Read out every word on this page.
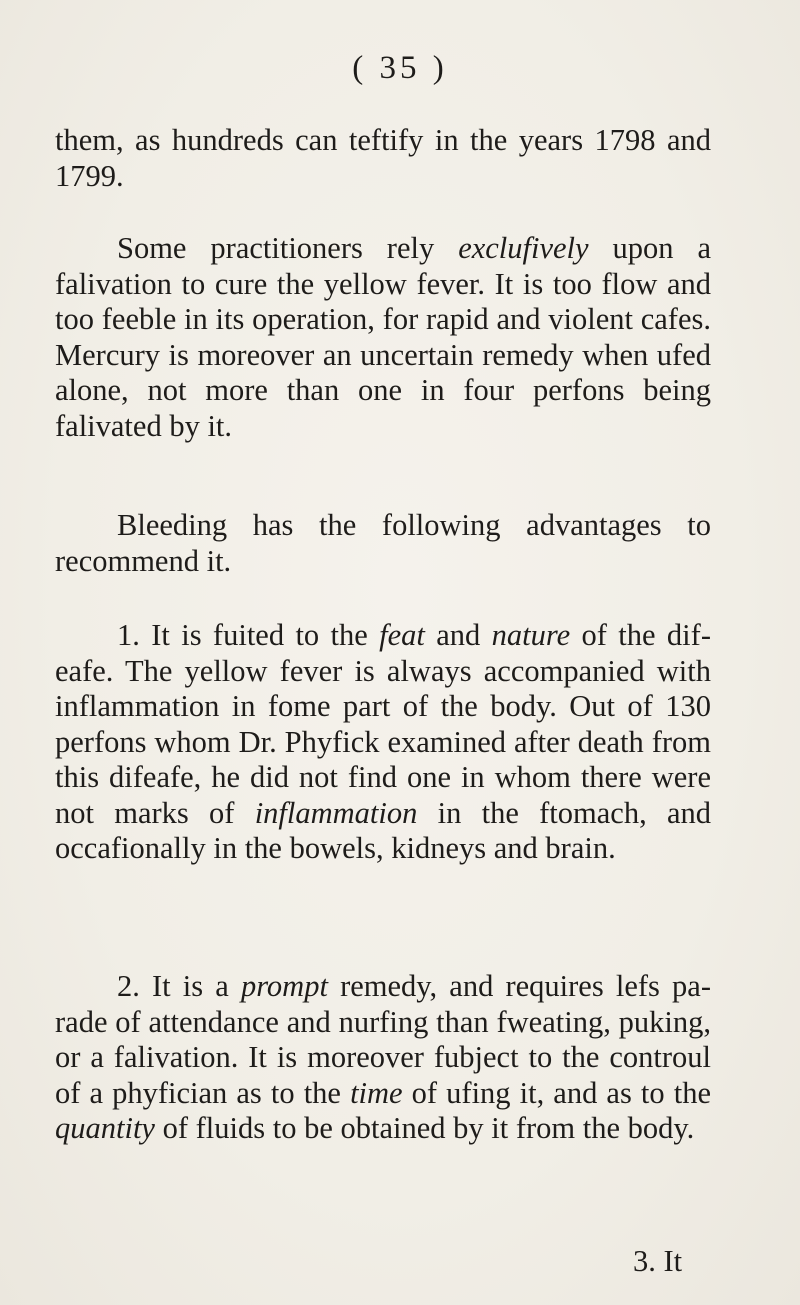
( 35 )

them, as hundreds can teftify in the years 1798 and 1799.

Some practitioners rely exclufively upon a falivation to cure the yellow fever. It is too flow and too feeble in its operation, for rapid and violent cafes. Mercury is moreover an uncertain remedy when ufed alone, not more than one in four perfons being falivated by it.

Bleeding has the following advantages to recommend it.

1. It is fuited to the feat and nature of the difeafe. The yellow fever is always accompanied with inflammation in fome part of the body. Out of 130 perfons whom Dr. Phyfick examined after death from this difeafe, he did not find one in whom there were not marks of inflammation in the ftomach, and occafionally in the bowels, kidneys and brain.

2. It is a prompt remedy, and requires lefs parade of attendance and nurfing than fweating, puking, or a falivation. It is moreover fubject to the controul of a phyfician as to the time of ufing it, and as to the quantity of fluids to be obtained by it from the body.

3. It
